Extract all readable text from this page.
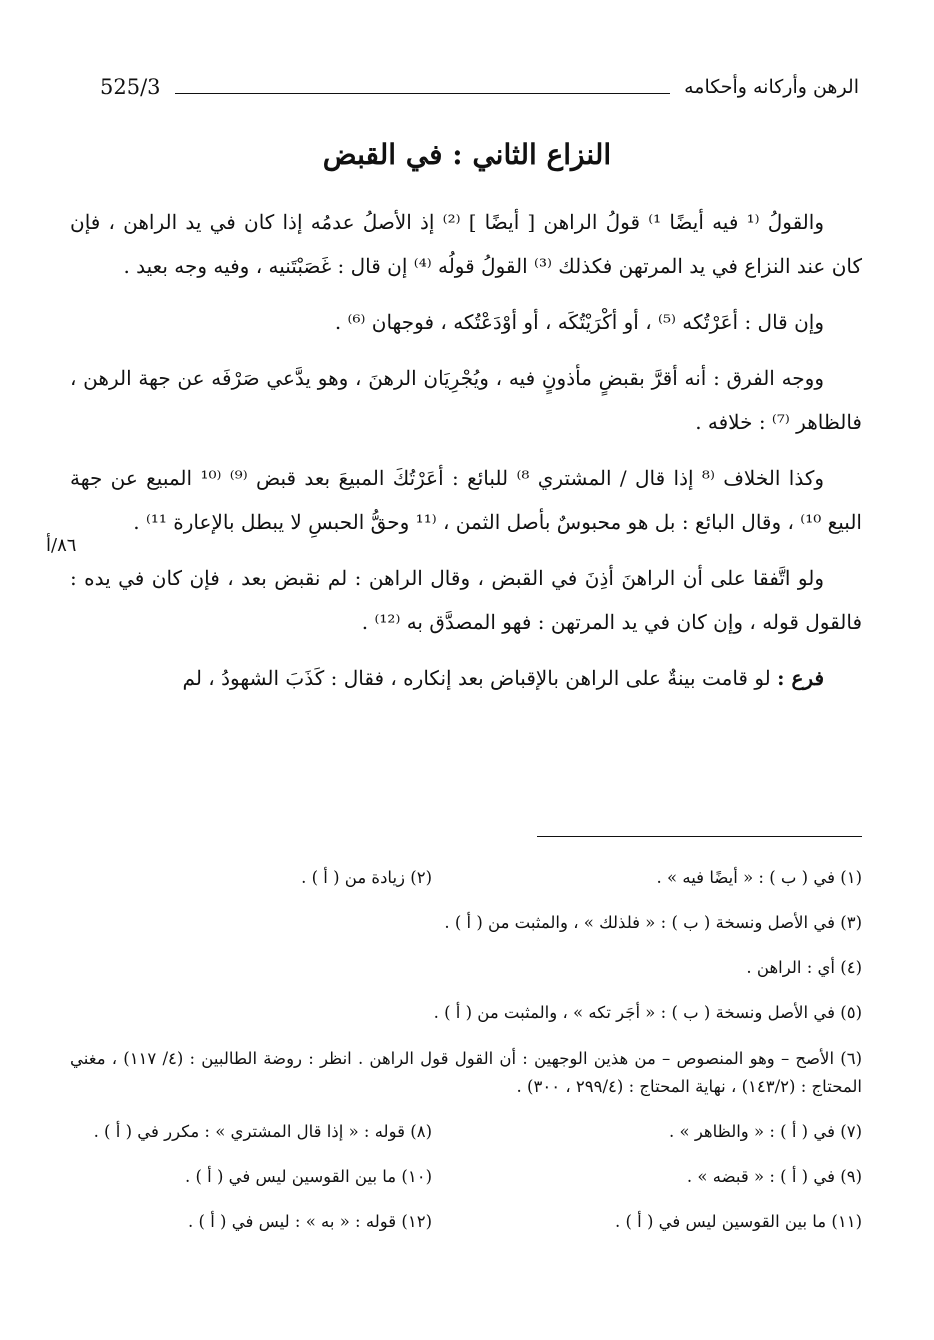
525/3	الرهن وأركانه وأحكامه
النزاع الثاني : في القبض

والقولُ ⁽¹ فيه أيضًا ¹⁾ قولُ الراهن [ أيضًا ] ⁽²⁾ إذ الأصلُ عدمُه إذا كان في يد الراهن ، فإن كان عند النزاع في يد المرتهن فكذلك ⁽³⁾ القولُ قولُه ⁽⁴⁾ إن قال : غَصَبْتَنيه ، وفيه وجه بعيد .

وإن قال : أعَرْتُكه ⁽⁵⁾ ، أو أكْرَيْتُكَه ، أو أوْدَعْتُكه ، فوجهان ⁽⁶⁾ .

ووجه الفرق : أنه أقرَّ بقبضٍ مأذونٍ فيه ، ويُجْرِيَان الرهنَ ، وهو يدَّعي صَرْفَه عن جهة الرهن ، فالظاهر ⁽⁷⁾ : خلافه .

وكذا الخلاف ⁽⁸ إذا قال / المشتري ⁸⁾ للبائع : أعَرْتُكَ المبيعَ بعد قبض ⁽⁹⁾ ⁽¹⁰ المبيع عن جهة البيع ¹⁰⁾ ، وقال البائع : بل هو محبوسٌ بأصل الثمن ، ⁽¹¹ وحقُّ الحبسِ لا يبطل بالإعارة ¹¹⁾ .

ولو اتَّفقا على أن الراهنَ أذِنَ في القبض ، وقال الراهن : لم نقبض بعد ، فإن كان في يده : فالقول قوله ، وإن كان في يد المرتهن : فهو المصدَّق به ⁽¹²⁾ .

فرع : لو قامت بينةٌ على الراهن بالإقباض بعد إنكاره ، فقال : كَذَبَ الشهودُ ، لم

٨٦/أ
(١) في ( ب ) : « أيضًا فيه » .
(٢) زيادة من ( أ ) .
(٣) في الأصل ونسخة ( ب ) : « فلذلك » ، والمثبت من ( أ ) .
(٤) أي : الراهن .
(٥) في الأصل ونسخة ( ب ) : « أجَر تكه » ، والمثبت من ( أ ) .
(٦) الأصح – وهو المنصوص – من هذين الوجهين : أن القول قول الراهن . انظر : روضة الطالبين : (٤/ ١١٧) ، مغني المحتاج : (١٤٣/٢) ، نهاية المحتاج : (٢٩٩/٤ ، ٣٠٠) .
(٧) في ( أ ) : « والظاهر » .
(٨) قوله : « إذا قال المشتري » : مكرر في ( أ ) .
(٩) في ( أ ) : « قبضه » .
(١٠) ما بين القوسين ليس في ( أ ) .
(١١) ما بين القوسين ليس في ( أ ) .
(١٢) قوله : « به » : ليس في ( أ ) .
